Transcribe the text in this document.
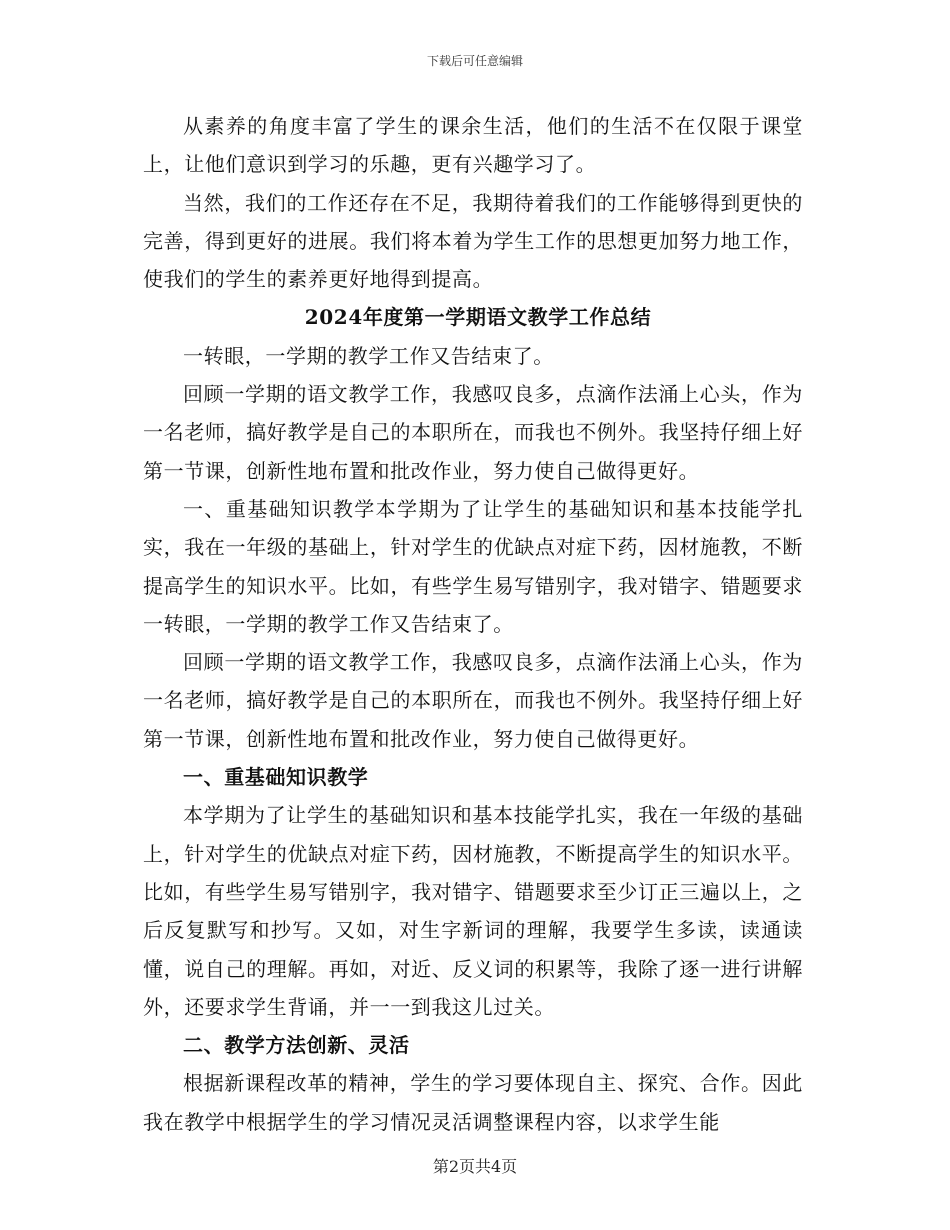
下载后可任意编辑

从素养的角度丰富了学生的课余生活，他们的生活不在仅限于课堂上，让他们意识到学习的乐趣，更有兴趣学习了。

当然，我们的工作还存在不足，我期待着我们的工作能够得到更快的完善，得到更好的进展。我们将本着为学生工作的思想更加努力地工作，使我们的学生的素养更好地得到提高。

2024年度第一学期语文教学工作总结

一转眼，一学期的教学工作又告结束了。

回顾一学期的语文教学工作，我感叹良多，点滴作法涌上心头，作为一名老师，搞好教学是自己的本职所在，而我也不例外。我坚持仔细上好第一节课，创新性地布置和批改作业，努力使自己做得更好。

一、重基础知识教学本学期为了让学生的基础知识和基本技能学扎实，我在一年级的基础上，针对学生的优缺点对症下药，因材施教，不断提高学生的知识水平。比如，有些学生易写错别字，我对错字、错题要求一转眼，一学期的教学工作又告结束了。

回顾一学期的语文教学工作，我感叹良多，点滴作法涌上心头，作为一名老师，搞好教学是自己的本职所在，而我也不例外。我坚持仔细上好第一节课，创新性地布置和批改作业，努力使自己做得更好。

一、重基础知识教学

本学期为了让学生的基础知识和基本技能学扎实，我在一年级的基础上，针对学生的优缺点对症下药，因材施教，不断提高学生的知识水平。比如，有些学生易写错别字，我对错字、错题要求至少订正三遍以上，之后反复默写和抄写。又如，对生字新词的理解，我要学生多读，读通读懂，说自己的理解。再如，对近、反义词的积累等，我除了逐一进行讲解外，还要求学生背诵，并一一到我这儿过关。

二、教学方法创新、灵活

根据新课程改革的精神，学生的学习要体现自主、探究、合作。因此我在教学中根据学生的学习情况灵活调整课程内容，以求学生能

第2页共4页
